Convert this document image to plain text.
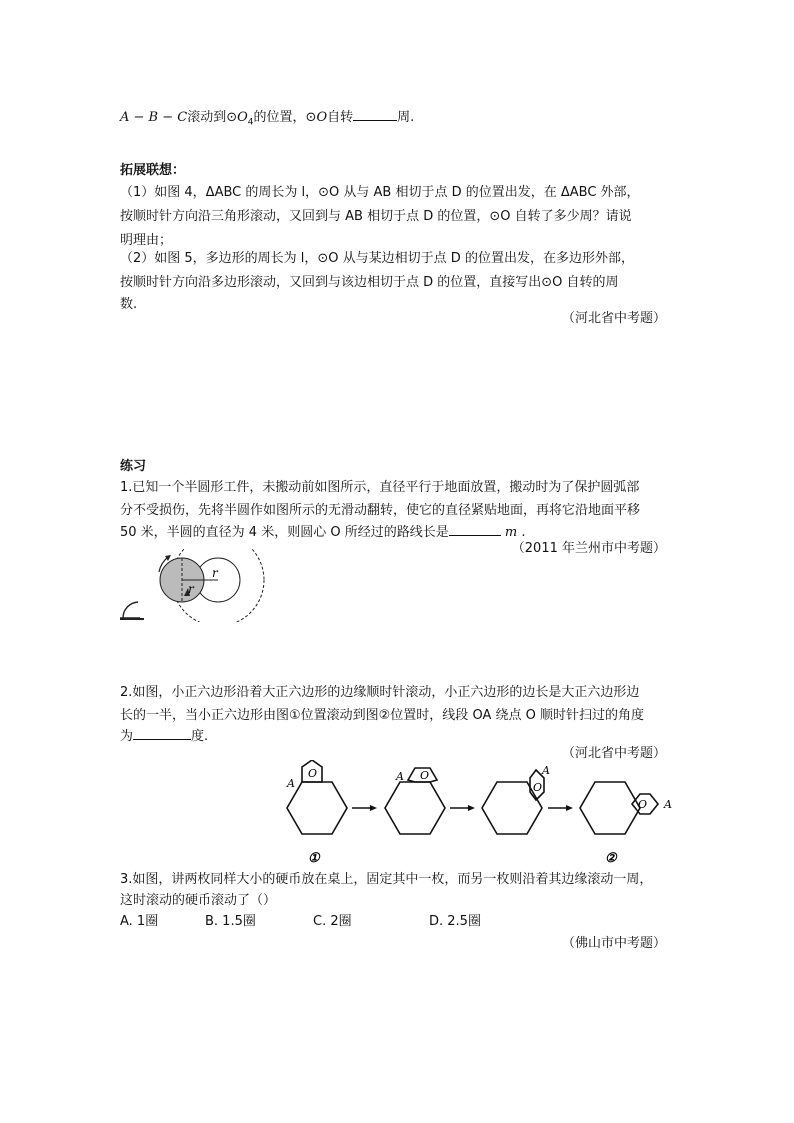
A − B − C滚动到$⊙O_4$的位置，⊙O自转	周.
拓展联想：
（1）如图 4，ΔABC 的周长为 l，⊙O 从与 AB 相切于点 D 的位置出发，在 ΔABC 外部，
按顺时针方向沿三角形滚动，又回到与 AB 相切于点 D 的位置，⊙O 自转了多少周？请说
明理由；
（2）如图 5，多边形的周长为 l，⊙O 从与某边相切于点 D 的位置出发，在多边形外部，
按顺时针方向沿多边形滚动，又回到与该边相切于点 D 的位置，直接写出⊙O 自转的周
数.
（河北省中考题）
练习
1.已知一个半圆形工件，未搬动前如图所示，直径平行于地面放置，搬动时为了保护圆弧部
分不受损伤，先将半圆作如图所示的无滑动翻转，使它的直径紧贴地面，再将它沿地面平移
50 米，半圆的直径为 4 米，则圆心 O 所经过的路线长是	m .
（2011 年兰州市中考题）
r
r
2.如图，小正六边形沿着大正六边形的边缘顺时针滚动，小正六边形的边长是大正六边形边
长的一半，当小正六边形由图①位置滚动到图②位置时，线段 OA 绕点 O 顺时针扫过的角度
为	度.
（河北省中考题）
A
O	A O	A
O
O A
①	②
3.如图，讲两枚同样大小的硬币放在桌上，固定其中一枚，而另一枚则沿着其边缘滚动一周，
这时滚动的硬币滚动了（）
A. 1圈	B. 1.5圈	C. 2圈	D. 2.5圈
（佛山市中考题）
